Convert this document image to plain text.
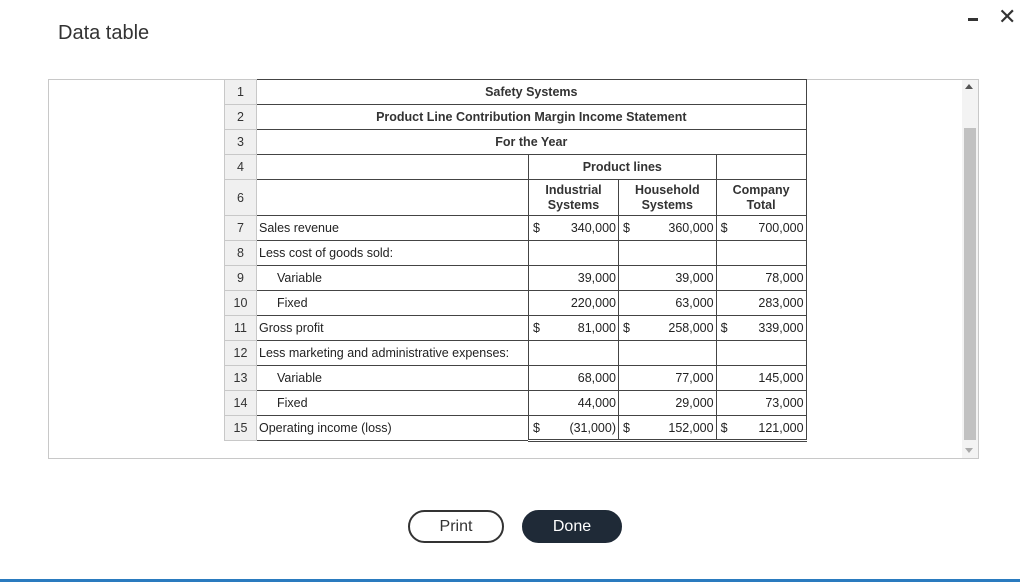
Data table
✕
1	Safety Systems						
2	Product Line Contribution Margin Income Statement						
3	For the Year						
4		Product lines					
6		Industrial Systems		Household Systems		Company Total	
7	Sales revenue	$	340,000	$	360,000	$	700,000
8	Less cost of goods sold:						
9	Variable		39,000		39,000		78,000
10	Fixed		220,000		63,000		283,000
11	Gross profit	$	81,000	$	258,000	$	339,000
12	Less marketing and administrative expenses:						
13	Variable		68,000		77,000		145,000
14	Fixed		44,000		29,000		73,000
15	Operating income (loss)	$	(31,000)	$	152,000	$	121,000
Print	Done
